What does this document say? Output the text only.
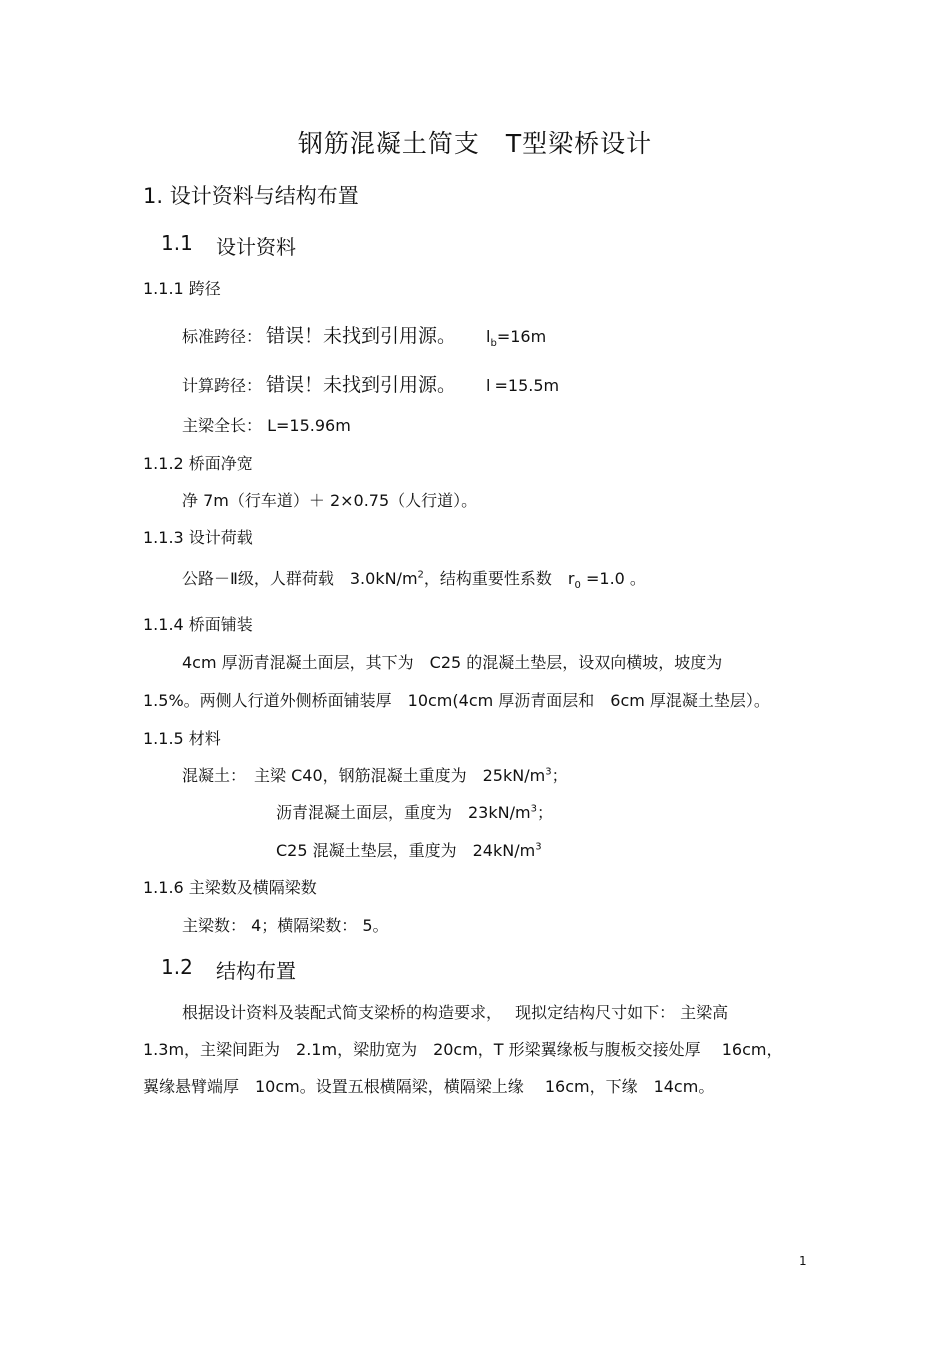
钢筋混凝土简支　T型梁桥设计
1. 设计资料与结构布置
1.1 设计资料
1.1.1 跨径
标准跨径： 错误！未找到引用源。 $l_b=16m$
计算跨径： 错误！未找到引用源。 l =15.5m
主梁全长： L=15.96m
1.1.2 桥面净宽
净 7m（行车道）＋ 2×0.75（人行道）。
1.1.3 设计荷载
公路－Ⅱ级，人群荷载　$3.0kN/m^2$，结构重要性系数　$r_0 =1.0$ 。
1.1.4 桥面铺装
4cm 厚沥青混凝土面层，其下为　C25 的混凝土垫层，设双向横坡，坡度为
1.5%。两侧人行道外侧桥面铺装厚　10cm(4cm 厚沥青面层和　6cm 厚混凝土垫层）。
1.1.5 材料
混凝土：　主梁 C40，钢筋混凝土重度为　$25kN/m^3$；
沥青混凝土面层，重度为　$23kN/m^3$；
C25 混凝土垫层，重度为　$24kN/m^3$
1.1.6 主梁数及横隔梁数
主梁数： 4；横隔梁数： 5。
1.2 结构布置
根据设计资料及装配式简支梁桥的构造要求，　 现拟定结构尺寸如下： 主梁高
1.3m，主梁间距为　2.1m，梁肋宽为　20cm，T 形梁翼缘板与腹板交接处厚　 16cm，
翼缘悬臂端厚　10cm。设置五根横隔梁，横隔梁上缘　 16cm，下缘　14cm。
1
